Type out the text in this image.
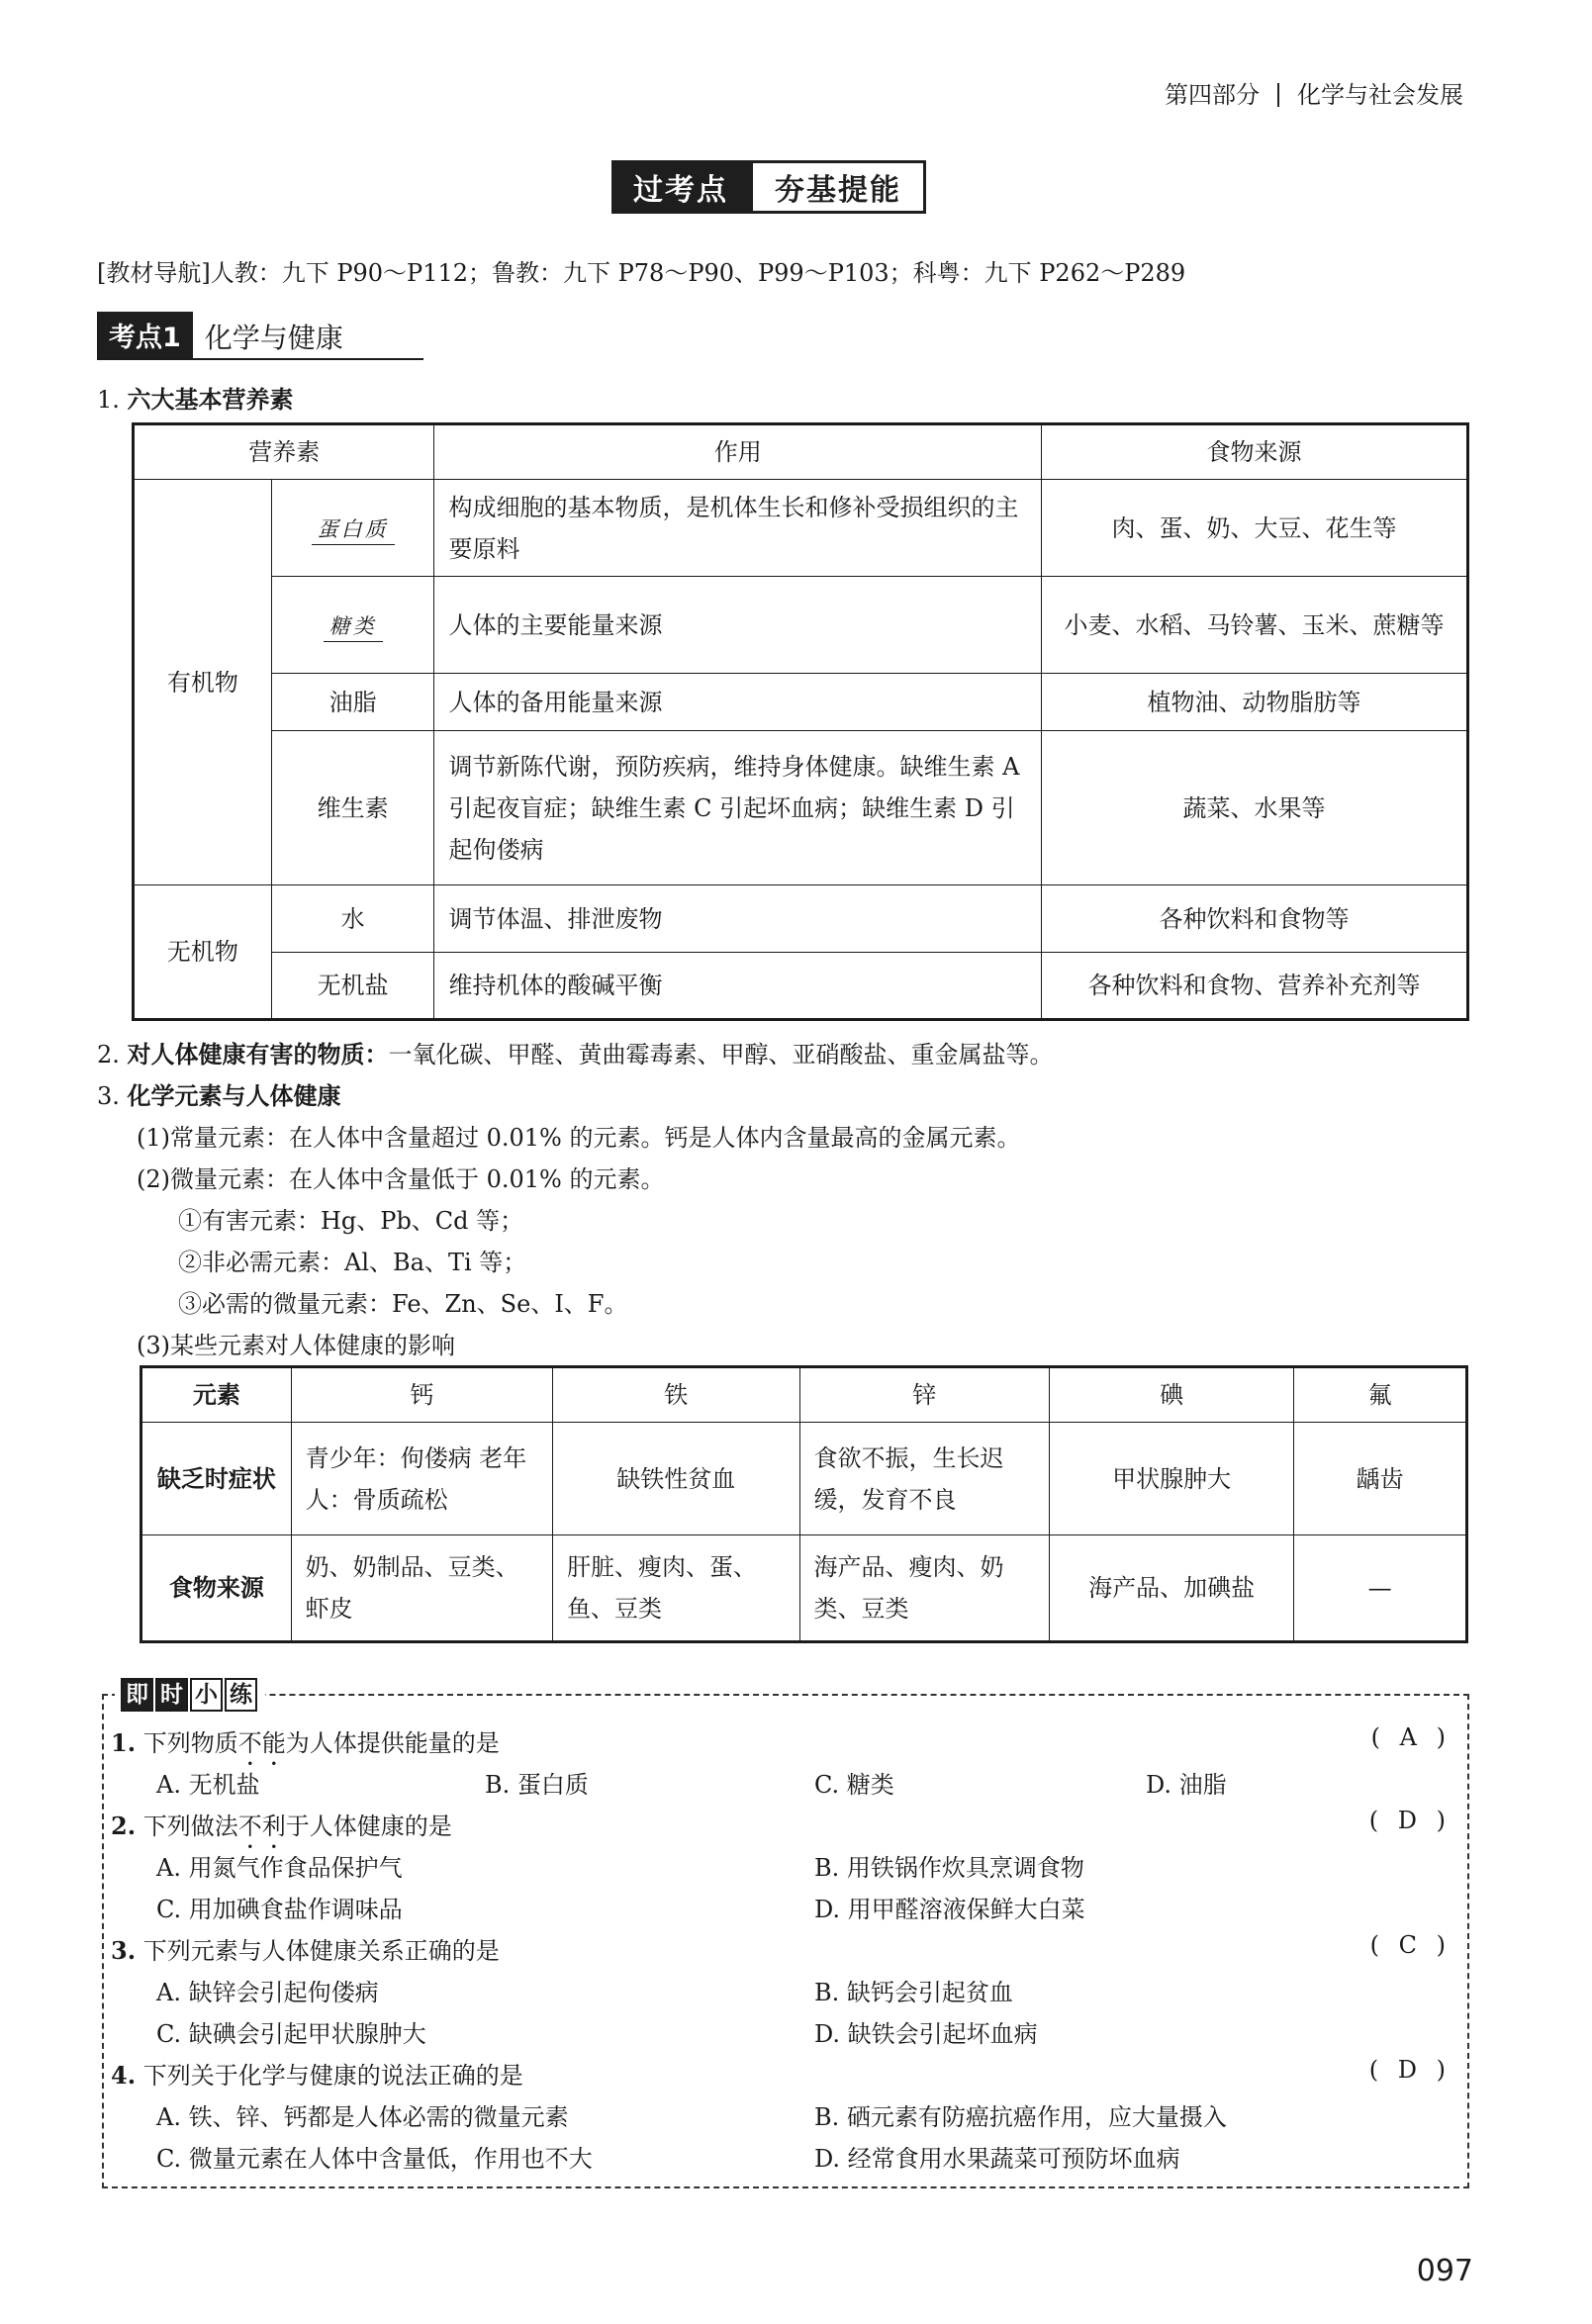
第四部分 化学与社会发展
过考点	夯基提能
[教材导航]人教：九下 P90～P112；鲁教：九下 P78～P90、P99～P103；科粤：九下 P262～P289
考点1 化学与健康
1. 六大基本营养素
营养素		作用	食物来源
有机物	蛋白质	构成细胞的基本物质，是机体生长和修补受损组织的主要原料	肉、蛋、奶、大豆、花生等
	糖类	人体的主要能量来源	小麦、水稻、马铃薯、玉米、蔗糖等
	油脂	人体的备用能量来源	植物油、动物脂肪等
	维生素	调节新陈代谢，预防疾病，维持身体健康。缺维生素 A 引起夜盲症；缺维生素 C 引起坏血病；缺维生素 D 引起佝偻病	蔬菜、水果等
无机物	水	调节体温、排泄废物	各种饮料和食物等
	无机盐	维持机体的酸碱平衡	各种饮料和食物、营养补充剂等
2. 对人体健康有害的物质：一氧化碳、甲醛、黄曲霉毒素、甲醇、亚硝酸盐、重金属盐等。
3. 化学元素与人体健康
(1)常量元素：在人体中含量超过 0.01% 的元素。钙是人体内含量最高的金属元素。
(2)微量元素：在人体中含量低于 0.01% 的元素。
①有害元素：Hg、Pb、Cd 等；
②非必需元素：Al、Ba、Ti 等；
③必需的微量元素：Fe、Zn、Se、I、F。
(3)某些元素对人体健康的影响
元素	钙	铁	锌	碘	氟
缺乏时症状	青少年：佝偻病 老年人：骨质疏松	缺铁性贫血	食欲不振，生长迟缓，发育不良	甲状腺肿大	龋齿
食物来源	奶、奶制品、豆类、虾皮	肝脏、瘦肉、蛋、鱼、豆类	海产品、瘦肉、奶类、豆类	海产品、加碘盐	—
即 时 小 练
1. 下列物质不能为人体提供能量的是	( A )
A. 无机盐	B. 蛋白质	C. 糖类	D. 油脂
2. 下列做法不利于人体健康的是	( D )
A. 用氮气作食品保护气	B. 用铁锅作炊具烹调食物
C. 用加碘食盐作调味品	D. 用甲醛溶液保鲜大白菜
3. 下列元素与人体健康关系正确的是	( C )
A. 缺锌会引起佝偻病	B. 缺钙会引起贫血
C. 缺碘会引起甲状腺肿大	D. 缺铁会引起坏血病
4. 下列关于化学与健康的说法正确的是	( D )
A. 铁、锌、钙都是人体必需的微量元素	B. 硒元素有防癌抗癌作用，应大量摄入
C. 微量元素在人体中含量低，作用也不大	D. 经常食用水果蔬菜可预防坏血病
097
